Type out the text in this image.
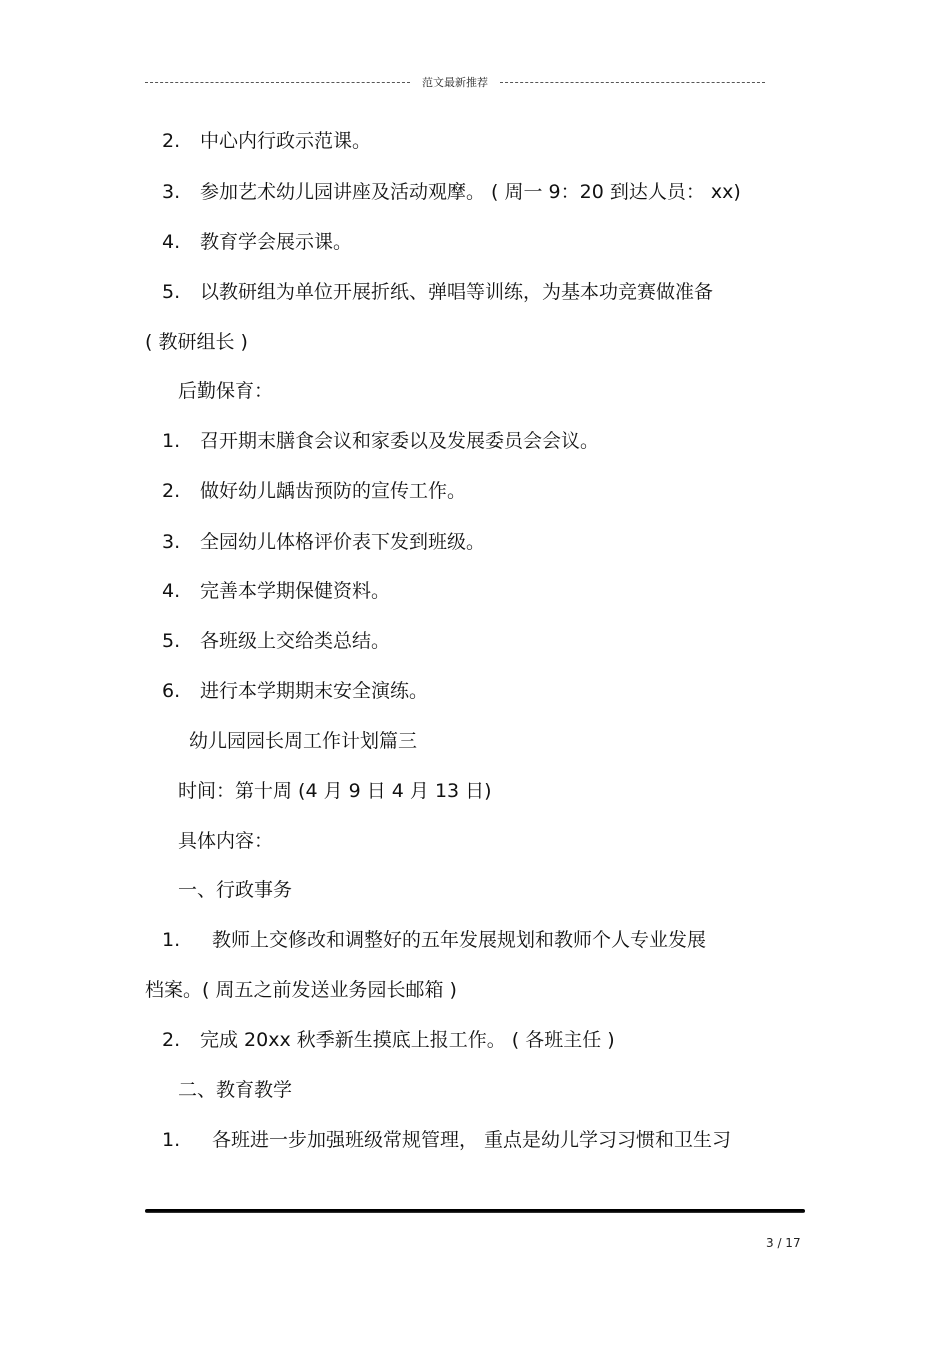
范文最新推荐
2. 中心内行政示范课。
3. 参加艺术幼儿园讲座及活动观摩。 ( 周一 9：20 到达人员： xx)
4. 教育学会展示课。
5. 以教研组为单位开展折纸、弹唱等训练，为基本功竞赛做准备
( 教研组长 )
后勤保育：
1. 召开期末膳食会议和家委以及发展委员会会议。
2. 做好幼儿龋齿预防的宣传工作。
3. 全园幼儿体格评价表下发到班级。
4. 完善本学期保健资料。
5. 各班级上交给类总结。
6. 进行本学期期末安全演练。
幼儿园园长周工作计划篇三
时间：第十周 (4 月 9 日 4 月 13 日)
具体内容：
一、行政事务
1. 教师上交修改和调整好的五年发展规划和教师个人专业发展
档案。( 周五之前发送业务园长邮箱 )
2. 完成 20xx 秋季新生摸底上报工作。 ( 各班主任 )
二、教育教学
1. 各班进一步加强班级常规管理， 重点是幼儿学习习惯和卫生习
3 / 17
